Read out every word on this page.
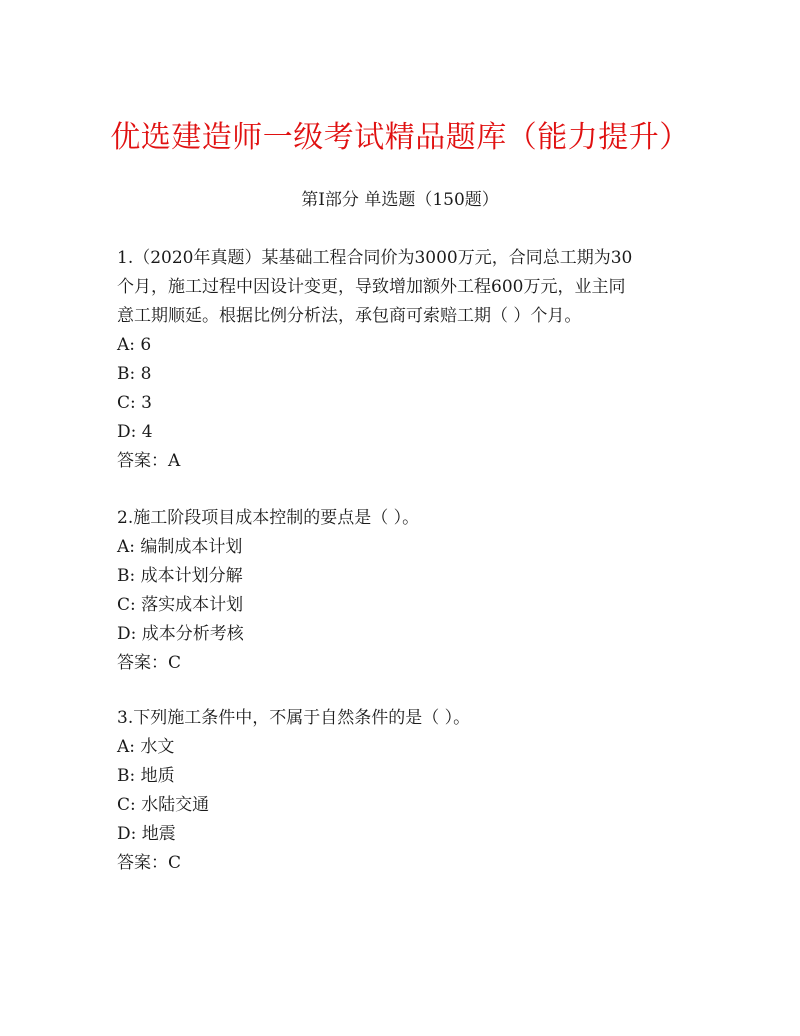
优选建造师一级考试精品题库（能力提升）
第Ⅰ部分 单选题（150题）
1.（2020年真题）某基础工程合同价为3000万元，合同总工期为30
个月，施工过程中因设计变更，导致增加额外工程600万元，业主同
意工期顺延。根据比例分析法，承包商可索赔工期（ ）个月。
A: 6
B: 8
C: 3
D: 4
答案：A
2.施工阶段项目成本控制的要点是（ ）。
A: 编制成本计划
B: 成本计划分解
C: 落实成本计划
D: 成本分析考核
答案：C
3.下列施工条件中，不属于自然条件的是（ ）。
A: 水文
B: 地质
C: 水陆交通
D: 地震
答案：C
